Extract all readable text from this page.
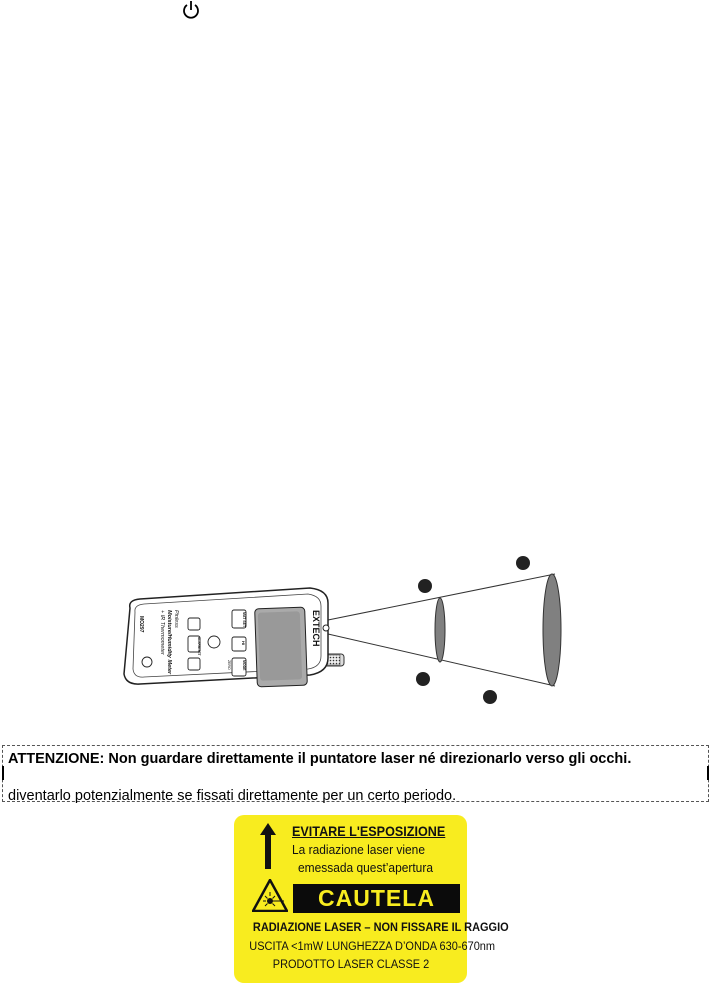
EXTECH
MO297	Pinless
Moisture/Humidity Meter
+ IR Thermometer	MAT SET
HI
MODE
ZERO
ALARM SET
ATTENZIONE: Non guardare direttamente il puntatore laser né direzionarlo verso gli occhi.
diventarlo potenzialmente se fissati direttamente per un certo periodo.
EVITARE L'ESPOSIZIONE
La radiazione laser viene
emessada quest’apertura
CAUTELA
RADIAZIONE LASER – NON FISSARE IL RAGGIO
USCITA <1mW LUNGHEZZA D’ONDA 630-670nm
PRODOTTO LASER CLASSE 2
